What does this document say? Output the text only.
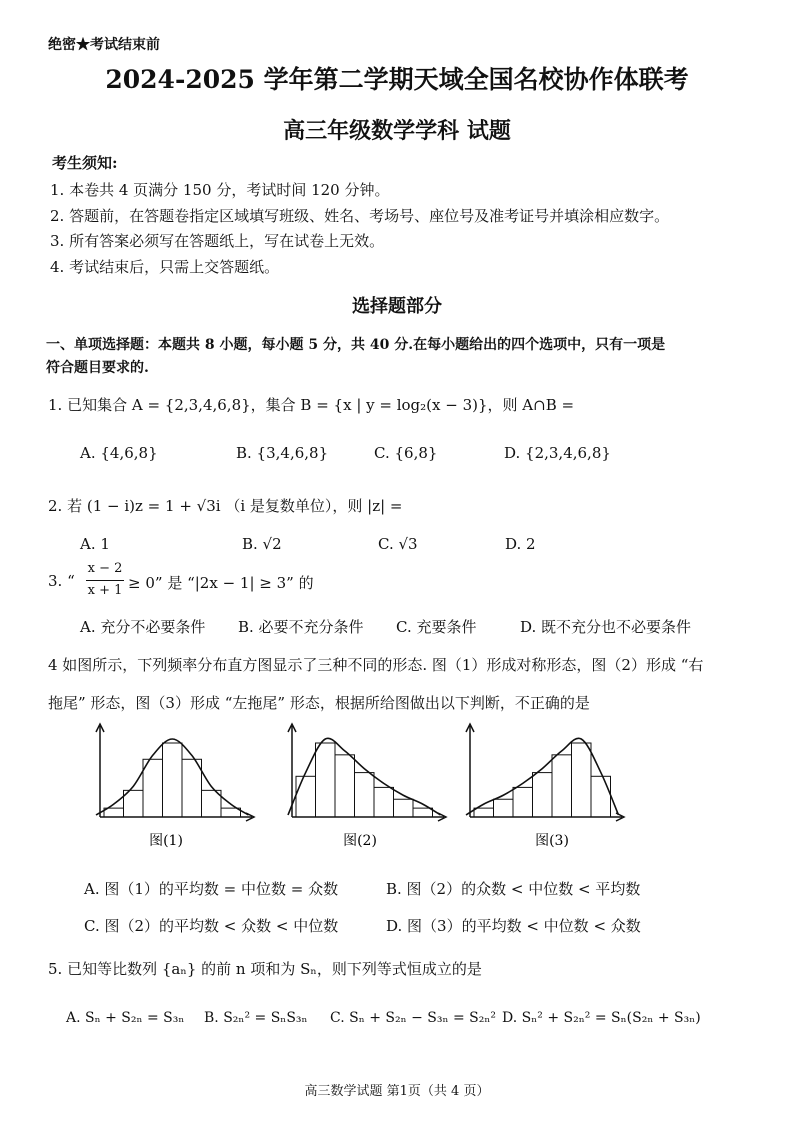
绝密★考试结束前
2024-2025 学年第二学期天域全国名校协作体联考
高三年级数学学科 试题
考生须知:
1. 本卷共 4 页满分 150 分，考试时间 120 分钟。
2. 答题前，在答题卷指定区域填写班级、姓名、考场号、座位号及准考证号并填涂相应数字。
3. 所有答案必须写在答题纸上，写在试卷上无效。
4. 考试结束后，只需上交答题纸。
选择题部分
一、单项选择题：本题共 8 小题，每小题 5 分，共 40 分.在每小题给出的四个选项中，只有一项是
符合题目要求的.
1. 已知集合 A = {2,3,4,6,8}，集合 B = {x | y = log₂(x − 3)}，则 A∩B =
A. {4,6,8}	B. {3,4,6,8}	C. {6,8}	D. {2,3,4,6,8}
2. 若 (1 − i)z = 1 + √3i （i 是复数单位），则 |z| =
A. 1	B. √2	C. √3	D. 2
3. “
x − 2
x + 1 ≥ 0” 是 “|2x − 1| ≥ 3” 的
A. 充分不必要条件 B. 必要不充分条件 C. 充要条件	D. 既不充分也不必要条件
4 如图所示，下列频率分布直方图显示了三种不同的形态. 图（1）形成对称形态，图（2）形成 “右
拖尾” 形态，图（3）形成 “左拖尾” 形态，根据所给图做出以下判断，不正确的是
图(1)	图(2)	图(3)
A. 图（1）的平均数 = 中位数 = 众数	B. 图（2）的众数 < 中位数 < 平均数
C. 图（2）的平均数 < 众数 < 中位数	D. 图（3）的平均数 < 中位数 < 众数
5. 已知等比数列 {aₙ} 的前 n 项和为 Sₙ，则下列等式恒成立的是
A. Sₙ + S₂ₙ = S₃ₙ B. S₂ₙ² = SₙS₃ₙ C. Sₙ + S₂ₙ − S₃ₙ = S₂ₙ² D. Sₙ² + S₂ₙ² = Sₙ(S₂ₙ + S₃ₙ)
高三数学试题 第1页（共 4 页）
